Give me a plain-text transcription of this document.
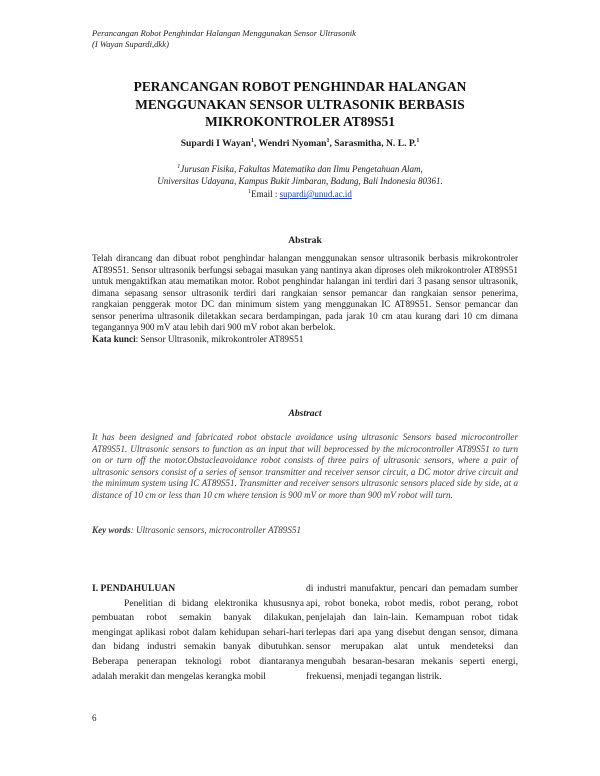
Perancangan Robot Penghindar Halangan Menggunakan Sensor Ultrasonik
(I Wayan Supardi,dkk)
PERANCANGAN ROBOT PENGHINDAR HALANGAN
MENGGUNAKAN SENSOR ULTRASONIK BERBASIS
MIKROKONTROLER AT89S51
Supardi I Wayan$^1$, Wendri Nyoman$^1$, Sarasmitha, N. L. P.$^1$
$^1$Jurusan Fisika, Fakultas Matematika dan Ilmu Pengetahuan Alam,
Universitas Udayana, Kampus Bukit Jimbaran, Badung, Bali Indonesia 80361.
$^1$Email : supardi@unud.ac.id
Abstrak
Telah dirancang dan dibuat robot penghindar halangan menggunakan sensor ultrasonik berbasis mikrokontroler AT89S51. Sensor ultrasonik berfungsi sebagai masukan yang nantinya akan diproses oleh mikrokontroler AT89S51 untuk mengaktifkan atau mematikan motor. Robot penghindar halangan ini terdiri dari 3 pasang sensor ultrasonik, dimana sepasang sensor ultrasonik terdiri dari rangkaian sensor pemancar dan rangkaian sensor penerima, rangkaian penggerak motor DC dan minimum sistem yang menggunakan IC AT89S51. Sensor pemancar dan sensor penerima ultrasonik diletakkan secara berdampingan, pada jarak 10 cm atau kurang dari 10 cm dimana tegangannya 900 mV atau lebih dari 900 mV robot akan berbelok.
Kata kunci: Sensor Ultrasonik, mikrokontroler AT89S51
Abstract
It has been designed and fabricated robot obstacle avoidance using ultrasonic Sensors based microcontroller AT89S51. Ultrasonic sensors to function as an input that will beprocessed by the microcontroller AT89S51 to turn on or turn off the motor.Obstacleavoidance robot consists of three pairs of ultrasonic sensors, where a pair of ultrasonic sensors consist of a series of sensor transmitter and receiver sensor circuit, a DC motor drive circuit and the minimum system using IC AT89S51. Transmitter and receiver sensors ultrasonic sensors placed side by side, at a distance of 10 cm or less than 10 cm where tension is 900 mV or more than 900 mV robot will turn.
Key words: Ultrasonic sensors, microcontroller AT89S51
I. PENDAHULUAN
Penelitian di bidang elektronika khususnya pembuatan robot semakin banyak dilakukan, mengingat aplikasi robot dalam kehidupan sehari-hari dan bidang industri semakin banyak dibutuhkan. Beberapa penerapan teknologi robot diantaranya adalah merakit dan mengelas kerangka mobil
di industri manufaktur, pencari dan pemadam sumber api, robot boneka, robot medis, robot perang, robot penjelajah dan lain-lain. Kemampuan robot tidak terlepas dari apa yang disebut dengan sensor, dimana sensor merupakan alat untuk mendeteksi dan mengubah besaran-besaran mekanis seperti energi, frekuensi, menjadi tegangan listrik.
6
